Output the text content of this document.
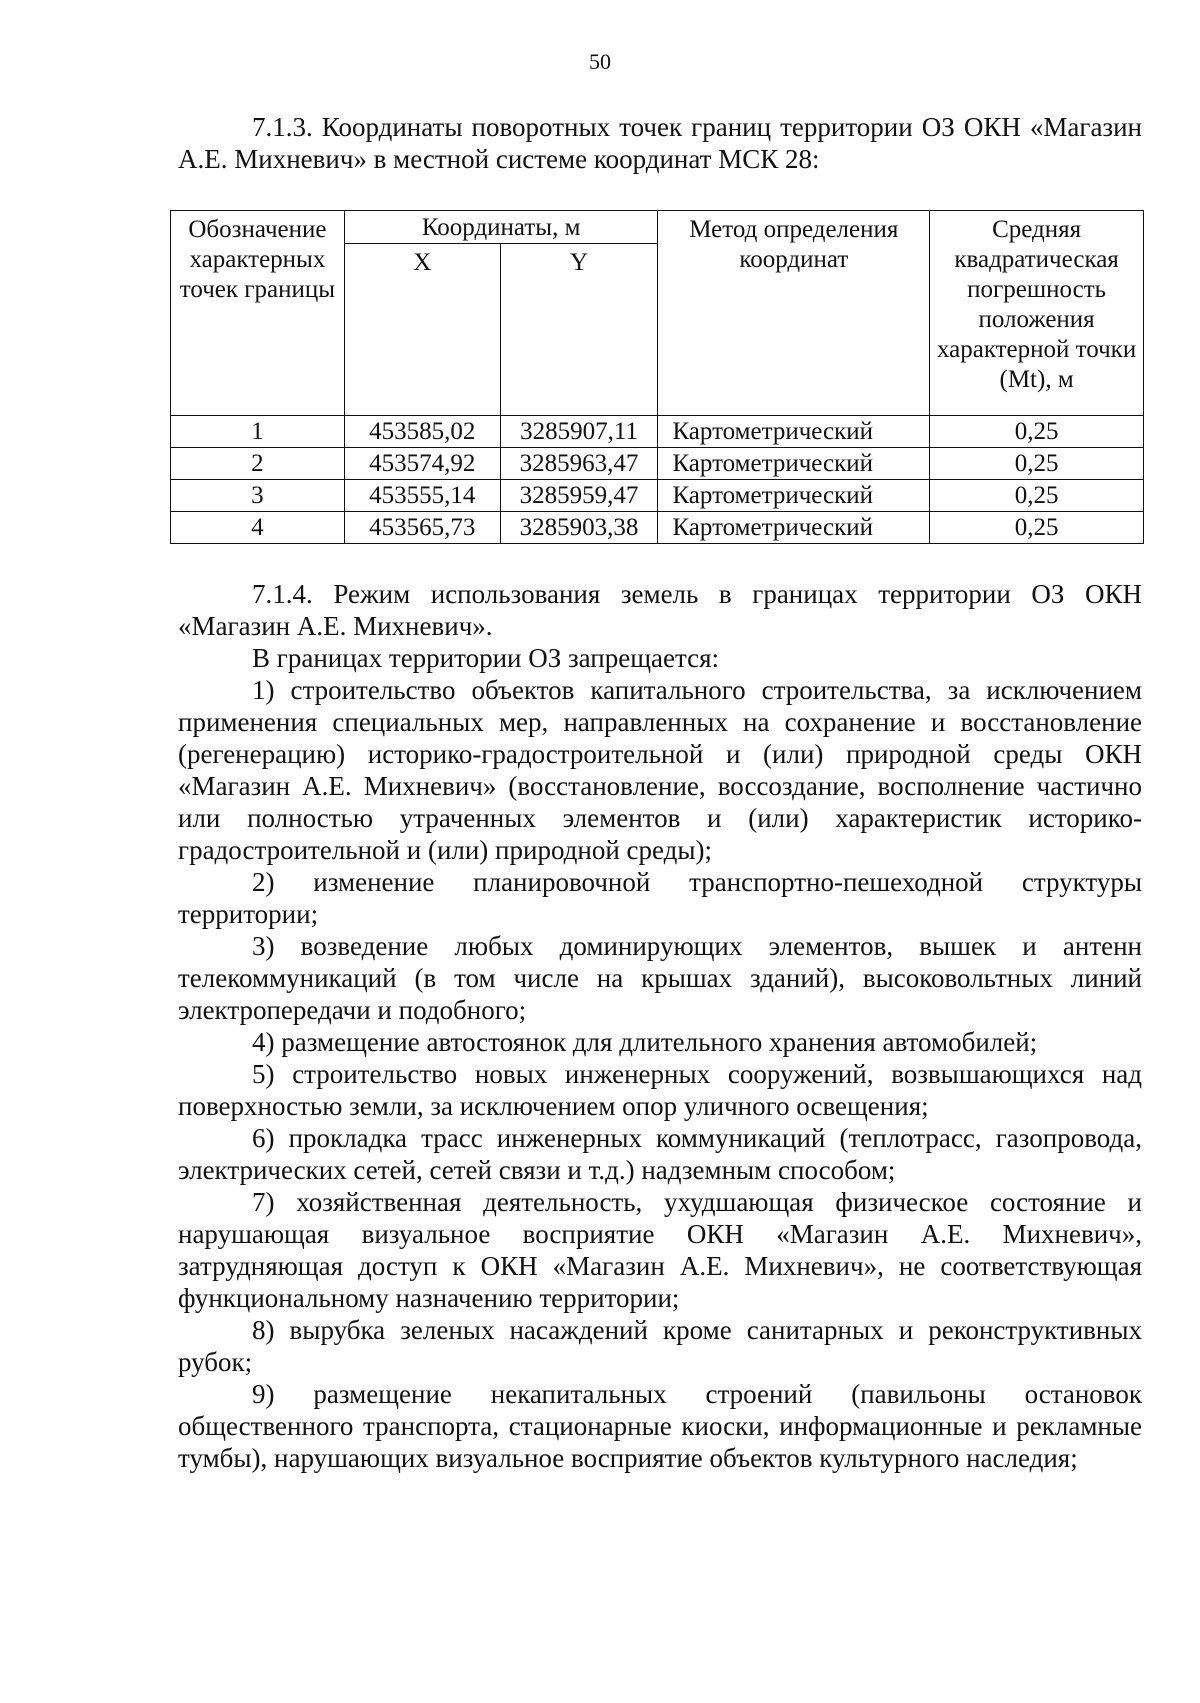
50
7.1.3. Координаты поворотных точек границ территории ОЗ ОКН «Магазин А.Е. Михневич» в местной системе координат МСК 28:
Обозначение характерных точек границы	Координаты, м		Метод определения координат	Средняя квадратическая погрешность положения характерной точки (Mt), м
	X	Y		
1	453585,02	3285907,11	Картометрический	0,25
2	453574,92	3285963,47	Картометрический	0,25
3	453555,14	3285959,47	Картометрический	0,25
4	453565,73	3285903,38	Картометрический	0,25

7.1.4. Режим использования земель в границах территории ОЗ ОКН «Магазин А.Е. Михневич».

В границах территории ОЗ запрещается:

1) строительство объектов капитального строительства, за исключением применения специальных мер, направленных на сохранение и восстановление (регенерацию) историко-градостроительной и (или) природной среды ОКН «Магазин А.Е. Михневич» (восстановление, воссоздание, восполнение частично или полностью утраченных элементов и (или) характеристик историко-градостроительной и (или) природной среды);

2) изменение планировочной транспортно-пешеходной структуры территории;

3) возведение любых доминирующих элементов, вышек и антенн телекоммуникаций (в том числе на крышах зданий), высоковольтных линий электропередачи и подобного;

4) размещение автостоянок для длительного хранения автомобилей;

5) строительство новых инженерных сооружений, возвышающихся над поверхностью земли, за исключением опор уличного освещения;

6) прокладка трасс инженерных коммуникаций (теплотрасс, газопровода, электрических сетей, сетей связи и т.д.) надземным способом;

7) хозяйственная деятельность, ухудшающая физическое состояние и нарушающая визуальное восприятие ОКН «Магазин А.Е. Михневич», затрудняющая доступ к ОКН «Магазин А.Е. Михневич», не соответствующая функциональному назначению территории;

8) вырубка зеленых насаждений кроме санитарных и реконструктивных рубок;

9) размещение некапитальных строений (павильоны остановок общественного транспорта, стационарные киоски, информационные и рекламные тумбы), нарушающих визуальное восприятие объектов культурного наследия;
